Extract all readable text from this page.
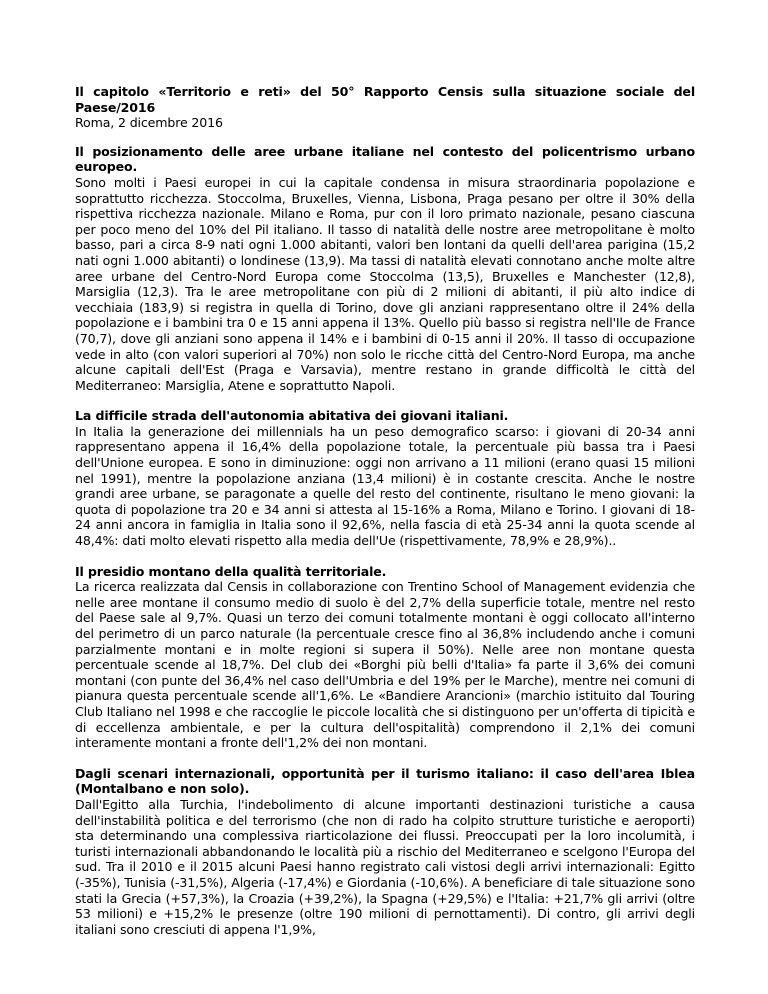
Il capitolo «Territorio e reti» del 50° Rapporto Censis sulla situazione sociale del Paese/2016

Roma, 2 dicembre 2016

Il posizionamento delle aree urbane italiane nel contesto del policentrismo urbano europeo.

Sono molti i Paesi europei in cui la capitale condensa in misura straordinaria popolazione e soprattutto ricchezza. Stoccolma, Bruxelles, Vienna, Lisbona, Praga pesano per oltre il 30% della rispettiva ricchezza nazionale. Milano e Roma, pur con il loro primato nazionale, pesano ciascuna per poco meno del 10% del Pil italiano. Il tasso di natalità delle nostre aree metropolitane è molto basso, pari a circa 8-9 nati ogni 1.000 abitanti, valori ben lontani da quelli dell'area parigina (15,2 nati ogni 1.000 abitanti) o londinese (13,9). Ma tassi di natalità elevati connotano anche molte altre aree urbane del Centro-Nord Europa come Stoccolma (13,5), Bruxelles e Manchester (12,8), Marsiglia (12,3). Tra le aree metropolitane con più di 2 milioni di abitanti, il più alto indice di vecchiaia (183,9) si registra in quella di Torino, dove gli anziani rappresentano oltre il 24% della popolazione e i bambini tra 0 e 15 anni appena il 13%. Quello più basso si registra nell'Ile de France (70,7), dove gli anziani sono appena il 14% e i bambini di 0-15 anni il 20%. Il tasso di occupazione vede in alto (con valori superiori al 70%) non solo le ricche città del Centro-Nord Europa, ma anche alcune capitali dell'Est (Praga e Varsavia), mentre restano in grande difficoltà le città del Mediterraneo: Marsiglia, Atene e soprattutto Napoli.

La difficile strada dell'autonomia abitativa dei giovani italiani.

In Italia la generazione dei millennials ha un peso demografico scarso: i giovani di 20-34 anni rappresentano appena il 16,4% della popolazione totale, la percentuale più bassa tra i Paesi dell'Unione europea. E sono in diminuzione: oggi non arrivano a 11 milioni (erano quasi 15 milioni nel 1991), mentre la popolazione anziana (13,4 milioni) è in costante crescita. Anche le nostre grandi aree urbane, se paragonate a quelle del resto del continente, risultano le meno giovani: la quota di popolazione tra 20 e 34 anni si attesta al 15-16% a Roma, Milano e Torino. I giovani di 18-24 anni ancora in famiglia in Italia sono il 92,6%, nella fascia di età 25-34 anni la quota scende al 48,4%: dati molto elevati rispetto alla media dell'Ue (rispettivamente, 78,9% e 28,9%)..

Il presidio montano della qualità territoriale.

La ricerca realizzata dal Censis in collaborazione con Trentino School of Management evidenzia che nelle aree montane il consumo medio di suolo è del 2,7% della superficie totale, mentre nel resto del Paese sale al 9,7%. Quasi un terzo dei comuni totalmente montani è oggi collocato all'interno del perimetro di un parco naturale (la percentuale cresce fino al 36,8% includendo anche i comuni parzialmente montani e in molte regioni si supera il 50%). Nelle aree non montane questa percentuale scende al 18,7%. Del club dei «Borghi più belli d'Italia» fa parte il 3,6% dei comuni montani (con punte del 36,4% nel caso dell'Umbria e del 19% per le Marche), mentre nei comuni di pianura questa percentuale scende all'1,6%. Le «Bandiere Arancioni» (marchio istituito dal Touring Club Italiano nel 1998 e che raccoglie le piccole località che si distinguono per un'offerta di tipicità e di eccellenza ambientale, e per la cultura dell'ospitalità) comprendono il 2,1% dei comuni interamente montani a fronte dell'1,2% dei non montani.

Dagli scenari internazionali, opportunità per il turismo italiano: il caso dell'area Iblea (Montalbano e non solo).

Dall'Egitto alla Turchia, l'indebolimento di alcune importanti destinazioni turistiche a causa dell'instabilità politica e del terrorismo (che non di rado ha colpito strutture turistiche e aeroporti) sta determinando una complessiva riarticolazione dei flussi. Preoccupati per la loro incolumità, i turisti internazionali abbandonando le località più a rischio del Mediterraneo e scelgono l'Europa del sud. Tra il 2010 e il 2015 alcuni Paesi hanno registrato cali vistosi degli arrivi internazionali: Egitto (-35%), Tunisia (-31,5%), Algeria (-17,4%) e Giordania (-10,6%). A beneficiare di tale situazione sono stati la Grecia (+57,3%), la Croazia (+39,2%), la Spagna (+29,5%) e l'Italia: +21,7% gli arrivi (oltre 53 milioni) e +15,2% le presenze (oltre 190 milioni di pernottamenti). Di contro, gli arrivi degli italiani sono cresciuti di appena l'1,9%,
